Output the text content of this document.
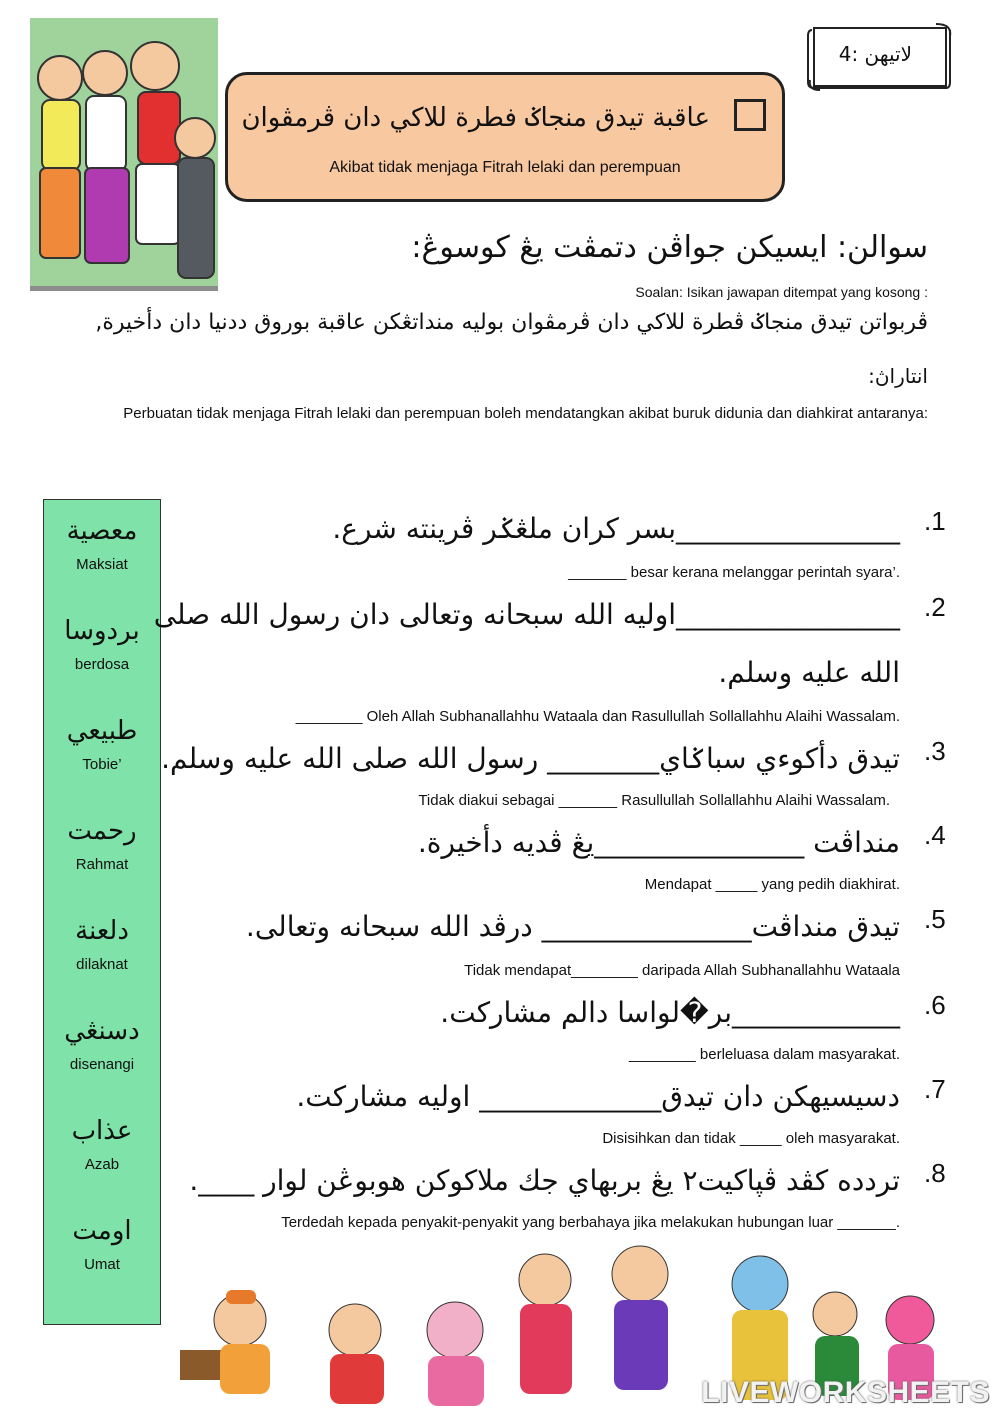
عاقبة تيدق منجاݢ فطرة للاكي دان ڤرمڤوان
Akibat tidak menjaga Fitrah lelaki dan perempuan
لاتيهن :4
سوالن: ايسيكن جواڤن دتمڤت يڠ كوسوڠ:
Soalan: Isikan jawapan ditempat yang kosong :
ڤربواتن تيدق منجاݢ ڤطرة للاكي دان ڤرمڤوان بوليه منداتڠكن عاقبة بوروق ددنيا دان دأخيرة,
انتاراڽ:
Perbuatan tidak menjaga Fitrah lelaki dan perempuan boleh mendatangkan akibat buruk didunia dan diahkirat antaranya:
معصية
Maksiat
بردوسا
berdosa
طبيعي
Tobie’
رحمت
Rahmat
دلعنة
dilaknat
دسنڠي
disenangi
عذاب
Azab
اومت
Umat
.1
________________بسر كران ملڠݢر ڤرينته شرع.
_______ besar kerana melanggar perintah syara’.
.2
________________اوليه الله سبحانه وتعالى دان رسول الله صلى
الله عليه وسلم.
________ Oleh Allah Subhanallahhu Wataala dan Rasullullah Sollallahhu Alaihi Wassalam.
.3
تيدق دأكوءي سباݢاي________ رسول الله صلى الله عليه وسلم.
Tidak diakui sebagai _______ Rasullullah Sollallahhu Alaihi Wassalam.
.4
منداڤت _______________يڠ ڤديه دأخيرة.
Mendapat _____ yang pedih diakhirat.
.5
تيدق منداڤت_______________ درڤد الله سبحانه وتعالى.
Tidak mendapat________ daripada Allah Subhanallahhu Wataala
.6
____________بر�لواسا دالم مشاركت.
________ berleluasa dalam masyarakat.
.7
دسيسيهكن دان تيدق_____________ اوليه مشاركت.
Disisihkan dan tidak _____ oleh masyarakat.
.8
تردده كڤد ڤڽاكيت٢ يڠ بربهاي جك ملاكوكن هوبوڠن لوار ____.
Terdedah kepada penyakit-penyakit yang berbahaya jika melakukan hubungan luar _______.
LIVEWORKSHEETS
